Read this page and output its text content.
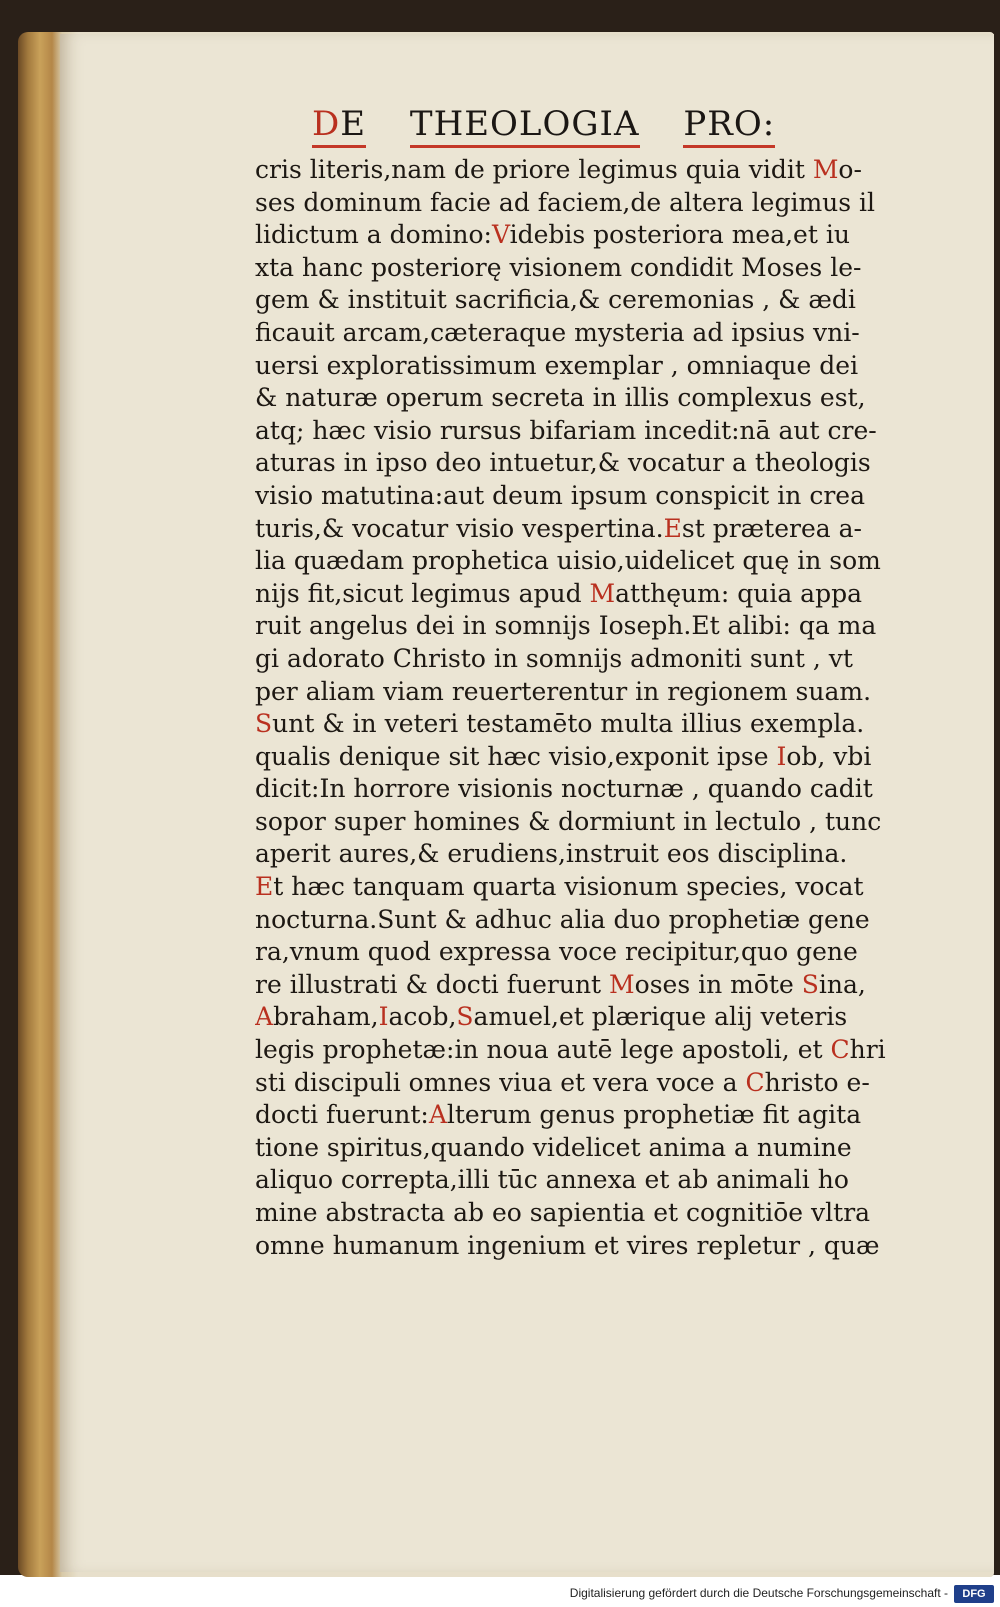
DE THEOLOGIA PRO:
cris literis,nam de priore legimus quia vidit Mo-
ses dominum facie ad faciem,de altera legimus il
lidictum a domino:Videbis posteriora mea,et iu
xta hanc posteriorę visionem condidit Moses le-
gem & instituit sacrificia,& ceremonias , & ædi
ficauit arcam,cæteraque mysteria ad ipsius vni-
uersi exploratissimum exemplar , omniaque dei
& naturæ operum secreta in illis complexus est,
atq; hæc visio rursus bifariam incedit:nā aut cre-
aturas in ipso deo intuetur,& vocatur a theologis
visio matutina:aut deum ipsum conspicit in crea
turis,& vocatur visio vespertina.Est præterea a-
lia quædam prophetica uisio,uidelicet quę in som
nijs fit,sicut legimus apud Matthęum: quia appa
ruit angelus dei in somnijs Ioseph.Et alibi: qa ma
gi adorato Christo in somnijs admoniti sunt , vt
per aliam viam reuerterentur in regionem suam.
Sunt & in veteri testamēto multa illius exempla.
qualis denique sit hæc visio,exponit ipse Iob, vbi
dicit:In horrore visionis nocturnæ , quando cadit
sopor super homines & dormiunt in lectulo , tunc
aperit aures,& erudiens,instruit eos disciplina.
Et hæc tanquam quarta visionum species, vocat
nocturna.Sunt & adhuc alia duo prophetiæ gene
ra,vnum quod expressa voce recipitur,quo gene
re illustrati & docti fuerunt Moses in mōte Sina,
Abraham,Iacob,Samuel,et plærique alij veteris
legis prophetæ:in noua autē lege apostoli, et Chri
sti discipuli omnes viua et vera voce a Christo e-
docti fuerunt:Alterum genus prophetiæ fit agita
tione spiritus,quando videlicet anima a numine
aliquo correpta,illi tūc annexa et ab animali ho
mine abstracta ab eo sapientia et cognitiōe vltra
omne humanum ingenium et vires repletur , quæ
Digitalisierung gefördert durch die Deutsche Forschungsgemeinschaft -	DFG
